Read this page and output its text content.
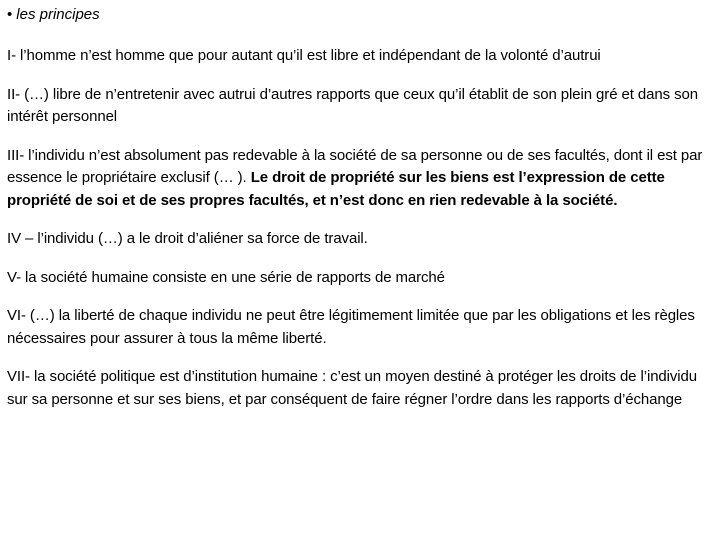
• les principes

I- l’homme n’est homme que pour autant qu’il est libre et indépendant de la volonté d’autrui

II- (…) libre de n’entretenir avec autrui d’autres rapports que ceux qu’il établit de son plein gré et dans son intérêt personnel

III- l’individu n’est absolument pas redevable à la société de sa personne ou de ses facultés, dont il est par essence le propriétaire exclusif (… ). Le droit de propriété sur les biens est l’expression de cette propriété de soi et de ses propres facultés, et n’est donc en rien redevable à la société.

IV – l’individu (…) a le droit d’aliéner sa force de travail.

V- la société humaine consiste en une série de rapports de marché

VI- (…) la liberté de chaque individu ne peut être légitimement limitée que par les obligations et les règles nécessaires pour assurer à tous la même liberté.

VII- la société politique est d’institution humaine : c’est un moyen destiné à protéger les droits de l’individu sur sa personne et sur ses biens, et par conséquent de faire régner l’ordre dans les rapports d’échange
